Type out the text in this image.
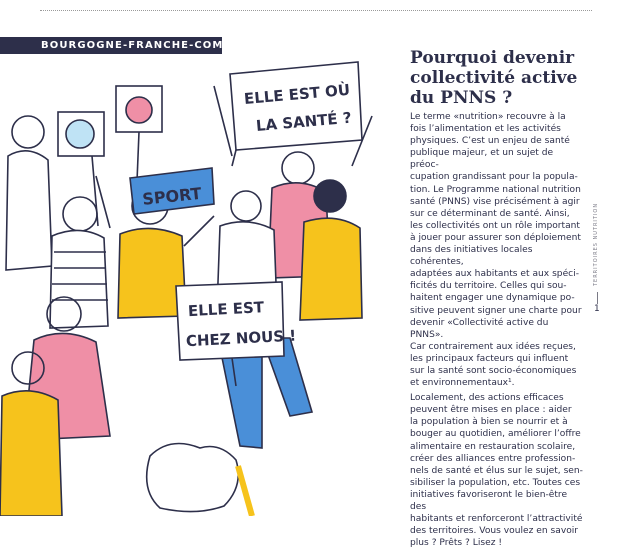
BOURGOGNE-FRANCHE-COMTÉ
ELLE EST OÙ
LA SANTÉ ?
SPORT
ELLE EST
CHEZ NOUS !
Pourquoi devenir collectivité active du PNNS ?

Le terme «nutrition» recouvre à la
fois l’alimentation et les activités
physiques. C’est un enjeu de santé
publique majeur, et un sujet de préoc-
cupation grandissant pour la popula-
tion. Le Programme national nutrition
santé (PNNS) vise précisément à agir
sur ce déterminant de santé. Ainsi,
les collectivités ont un rôle important
à jouer pour assurer son déploiement
dans des initiatives locales cohérentes,
adaptées aux habitants et aux spéci-
ficités du territoire. Celles qui sou-
haitent engager une dynamique po-
sitive peuvent signer une charte pour
devenir «Collectivité active du PNNS».
Car contrairement aux idées reçues,
les principaux facteurs qui influent
sur la santé sont socio-économiques
et environnementaux¹.

Localement, des actions efficaces
peuvent être mises en place : aider
la population à bien se nourrir et à
bouger au quotidien, améliorer l’offre
alimentaire en restauration scolaire,
créer des alliances entre profession-
nels de santé et élus sur le sujet, sen-
sibiliser la population, etc. Toutes ces
initiatives favoriseront le bien-être des
habitants et renforceront l’attractivité
des territoires. Vous voulez en savoir
plus ? Prêts ? Lisez !

TERRITOIRES NUTRITION
1
